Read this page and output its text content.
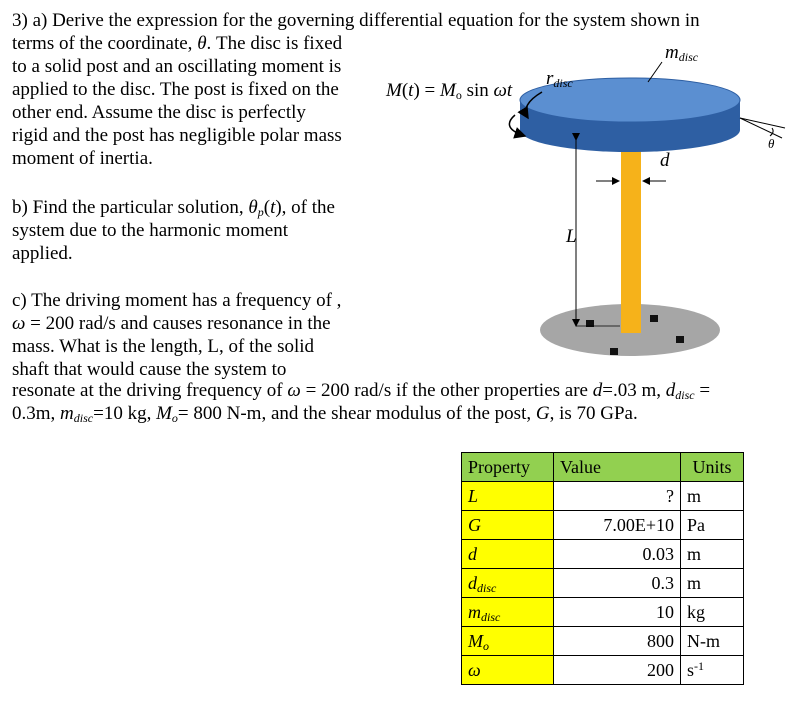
3) a) Derive the expression for the governing differential equation for the system shown in
terms of the coordinate, θ. The disc is fixed
to a solid post and an oscillating moment is
applied to the disc. The post is fixed on the
other end. Assume the disc is perfectly
rigid and the post has negligible polar mass
moment of inertia.
$M(t) = M_o$ sin ωt
b) Find the particular solution, $\theta_p(t)$, of the
system due to the harmonic moment
applied.
c) The driving moment has a frequency of ,
ω = 200 rad/s and causes resonance in the
mass. What is the length, L, of the solid
shaft that would cause the system to
resonate at the driving frequency of ω = 200 rad/s if the other properties are d=.03 m, $d_{disc}$ =
0.3m, $m_{disc}=10$ kg, $M_o= 800$ N-m, and the shear modulus of the post, G, is 70 GPa.
$m_{disc}$
$r_{disc}$
d
L
θ
Property	Value	Units
L	?	m
G	7.00E+10	Pa
d	0.03	m
$d_{disc}$	0.3	m
$m_{disc}$	10	kg
$M_o$	800	N-m
ω	200	$s^{-1}$
